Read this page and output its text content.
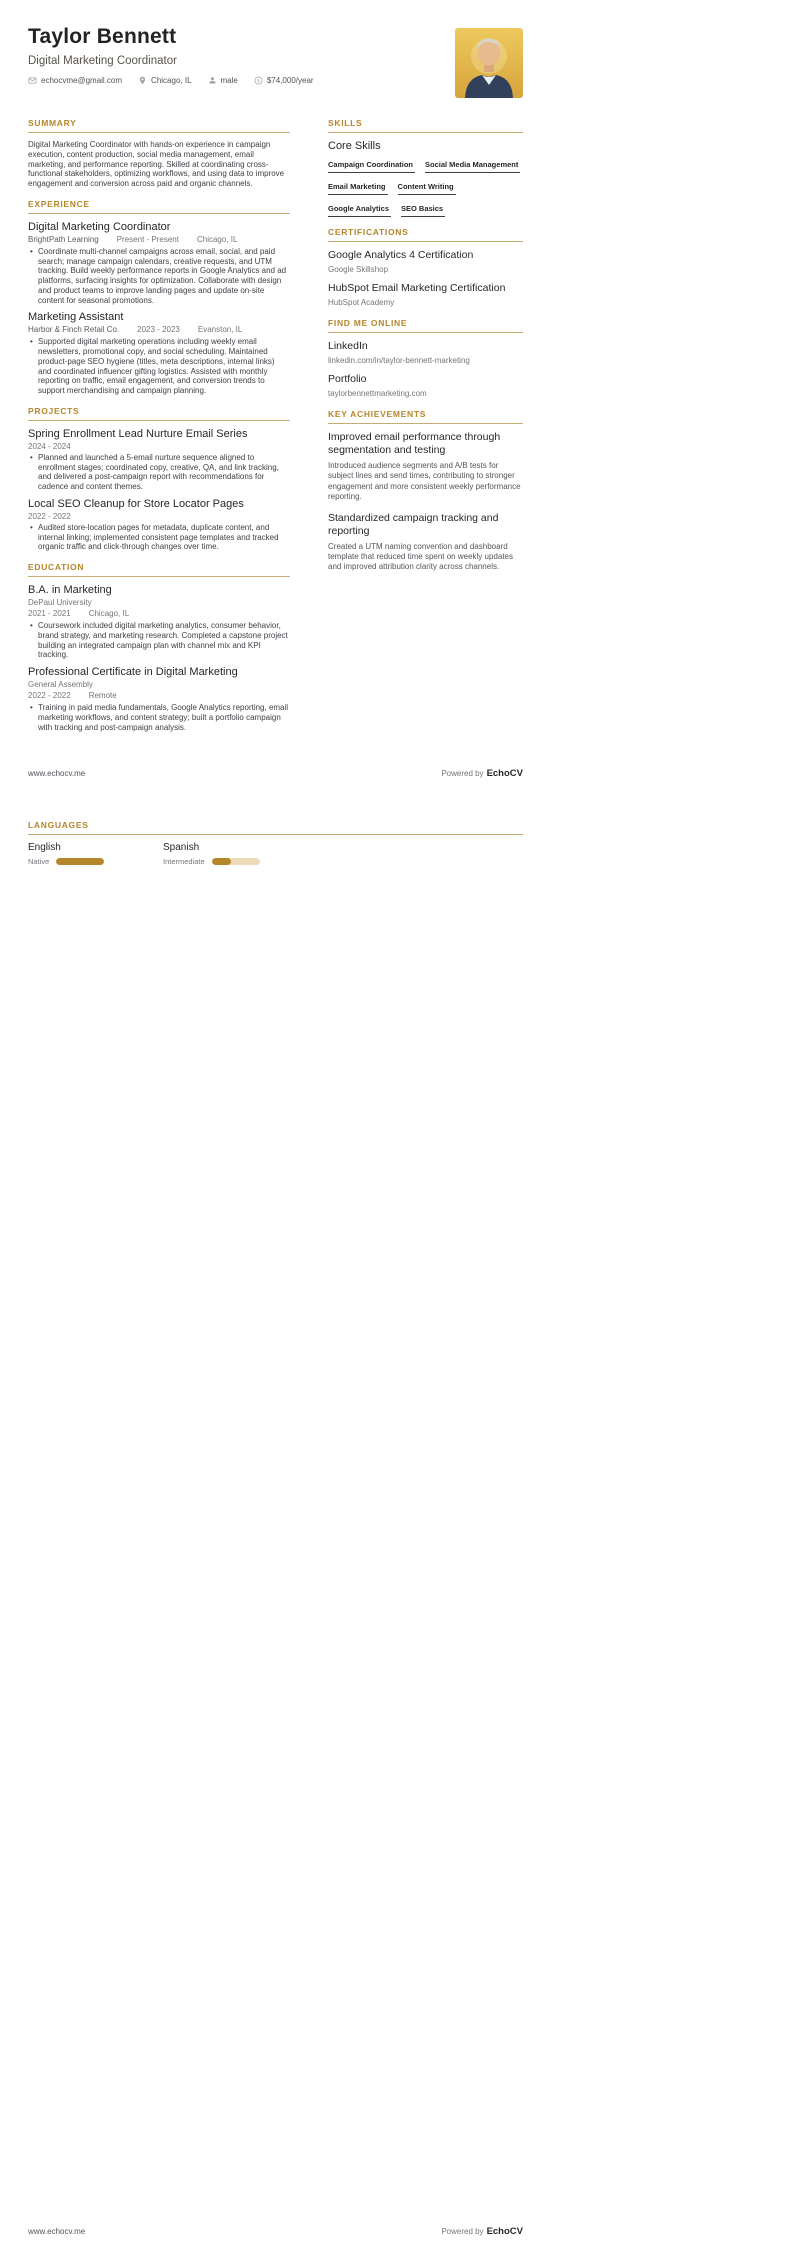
Taylor Bennett
Digital Marketing Coordinator
echocvme@gmail.com	Chicago, IL	male $ $74,000/year
SUMMARY

Digital Marketing Coordinator with hands-on experience in campaign execution, content production, social media management, email marketing, and performance reporting. Skilled at coordinating cross-functional stakeholders, optimizing workflows, and using data to improve engagement and conversion across paid and organic channels.

EXPERIENCE
Digital Marketing Coordinator
BrightPath Learning Present - Present Chicago, IL
• Coordinate multi-channel campaigns across email, social, and paid search; manage campaign calendars, creative requests, and UTM tracking. Build weekly performance reports in Google Analytics and ad platforms, surfacing insights for optimization. Collaborate with design and product teams to improve landing pages and update on-site content for seasonal promotions.
Marketing Assistant
Harbor & Finch Retail Co. 2023 - 2023 Evanston, IL
• Supported digital marketing operations including weekly email newsletters, promotional copy, and social scheduling. Maintained product-page SEO hygiene (titles, meta descriptions, internal links) and coordinated influencer gifting logistics. Assisted with monthly reporting on traffic, email engagement, and conversion trends to support merchandising and campaign planning.
PROJECTS
Spring Enrollment Lead Nurture Email Series
2024 - 2024
• Planned and launched a 5-email nurture sequence aligned to enrollment stages; coordinated copy, creative, QA, and link tracking, and delivered a post-campaign report with recommendations for cadence and content themes.
Local SEO Cleanup for Store Locator Pages
2022 - 2022
• Audited store-location pages for metadata, duplicate content, and internal linking; implemented consistent page templates and tracked organic traffic and click-through changes over time.
EDUCATION
B.A. in Marketing
DePaul University
2021 - 2021 Chicago, IL
• Coursework included digital marketing analytics, consumer behavior, brand strategy, and marketing research. Completed a capstone project building an integrated campaign plan with channel mix and KPI tracking.
Professional Certificate in Digital Marketing
General Assembly
2022 - 2022 Remote
• Training in paid media fundamentals, Google Analytics reporting, email marketing workflows, and content strategy; built a portfolio campaign with tracking and post-campaign analysis.
SKILLS
Core Skills
Campaign Coordination Social Media Management
Email Marketing Content Writing
Google Analytics SEO Basics
CERTIFICATIONS
Google Analytics 4 Certification
Google Skillshop
HubSpot Email Marketing Certification
HubSpot Academy
FIND ME ONLINE
LinkedIn
linkedin.com/in/taylor-bennett-marketing
Portfolio
taylorbennettmarketing.com
KEY ACHIEVEMENTS
Improved email performance through segmentation and testing
Introduced audience segments and A/B tests for subject lines and send times, contributing to stronger engagement and more consistent weekly performance reporting.
Standardized campaign tracking and reporting
Created a UTM naming convention and dashboard template that reduced time spent on weekly updates and improved attribution clarity across channels.
www.echocv.me	Powered by EchoCV
LANGUAGES
English
Native
Spanish
Intermediate
www.echocv.me	Powered by EchoCV
